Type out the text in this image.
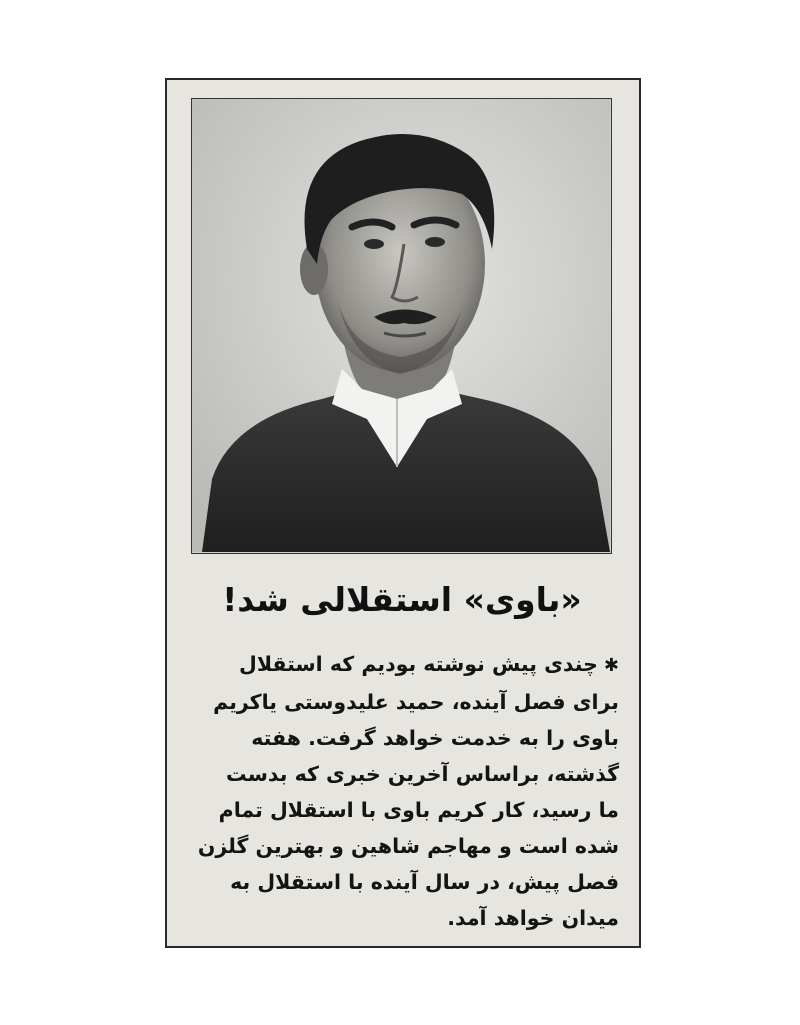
«باوی» استقلالی شد!
✱چندی پیش نوشته بودیم که استقلال
برای فصل آینده، حمید علیدوستی یاکریم
باوی را به خدمت خواهد گرفت. هفته
گذشته، براساس آخرین خبری که بدست
ما رسید، کار کریم باوی با استقلال تمام
شده است و مهاجم شاهین و بهترین گلزن
فصل پیش، در سال آینده با استقلال به
میدان خواهد آمد.
